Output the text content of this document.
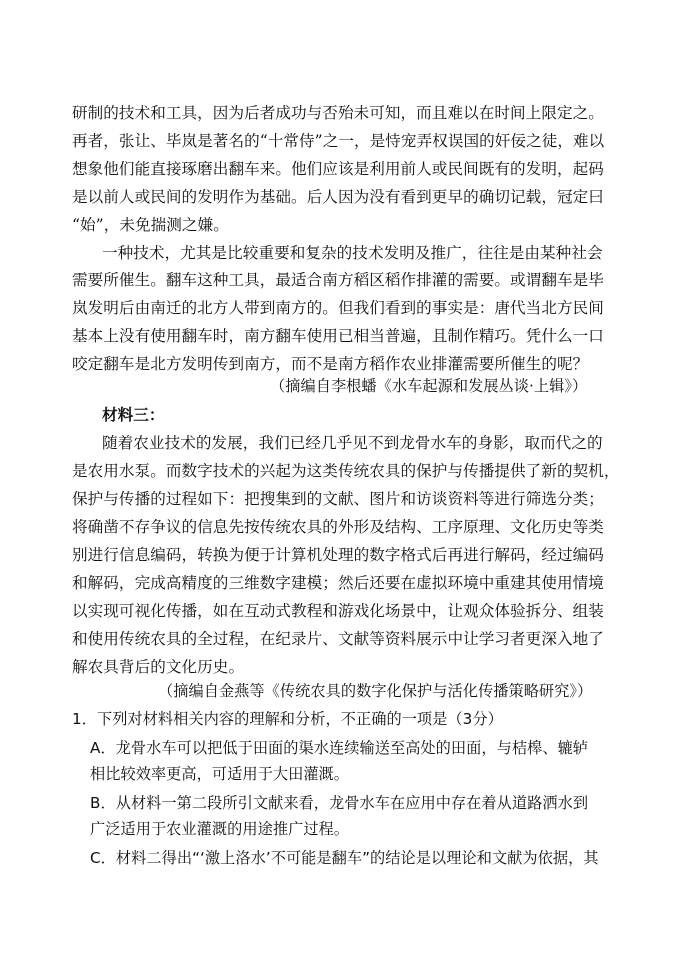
研制的技术和工具，因为后者成功与否殆未可知，而且难以在时间上限定之。
再者，张让、毕岚是著名的“十常侍”之一，是恃宠弄权误国的奸佞之徒，难以
想象他们能直接琢磨出翻车来。他们应该是利用前人或民间既有的发明，起码
是以前人或民间的发明作为基础。后人因为没有看到更早的确切记载，冠定曰
“始”，未免揣测之嫌。
一种技术，尤其是比较重要和复杂的技术发明及推广，往往是由某种社会
需要所催生。翻车这种工具，最适合南方稻区稻作排灌的需要。或谓翻车是毕
岚发明后由南迁的北方人带到南方的。但我们看到的事实是：唐代当北方民间
基本上没有使用翻车时，南方翻车使用已相当普遍，且制作精巧。凭什么一口
咬定翻车是北方发明传到南方，而不是南方稻作农业排灌需要所催生的呢？
（摘编自李根蟠《水车起源和发展丛谈·上辑》）
材料三：
随着农业技术的发展，我们已经几乎见不到龙骨水车的身影，取而代之的
是农用水泵。而数字技术的兴起为这类传统农具的保护与传播提供了新的契机，
保护与传播的过程如下：把搜集到的文献、图片和访谈资料等进行筛选分类；
将确凿不存争议的信息先按传统农具的外形及结构、工序原理、文化历史等类
别进行信息编码，转换为便于计算机处理的数字格式后再进行解码，经过编码
和解码，完成高精度的三维数字建模；然后还要在虚拟环境中重建其使用情境
以实现可视化传播，如在互动式教程和游戏化场景中，让观众体验拆分、组装
和使用传统农具的全过程，在纪录片、文献等资料展示中让学习者更深入地了
解农具背后的文化历史。
（摘编自金燕等《传统农具的数字化保护与活化传播策略研究》）
1．下列对材料相关内容的理解和分析，不正确的一项是（3分）
A．龙骨水车可以把低于田面的渠水连续输送至高处的田面，与桔槔、辘轳
相比较效率更高，可适用于大田灌溉。
B．从材料一第二段所引文献来看，龙骨水车在应用中存在着从道路洒水到
广泛适用于农业灌溉的用途推广过程。
C．材料二得出“‘激上洛水’不可能是翻车”的结论是以理论和文献为依据，其
